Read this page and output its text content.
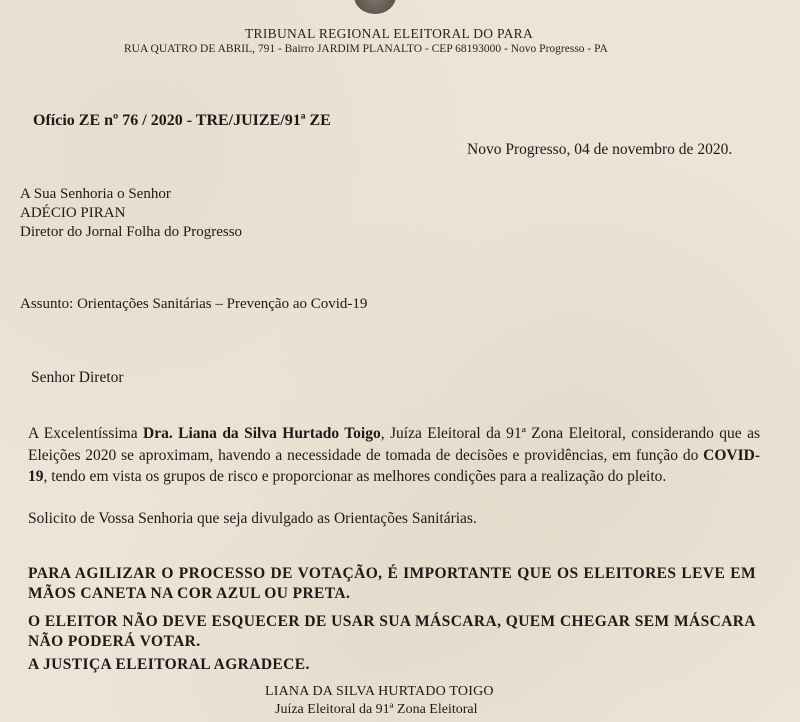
TRIBUNAL REGIONAL ELEITORAL DO PARA
RUA QUATRO DE ABRIL, 791 - Bairro JARDIM PLANALTO - CEP 68193000 - Novo Progresso - PA
Ofício ZE nº 76 / 2020 - TRE/JUIZE/91ª ZE
Novo Progresso, 04 de novembro de 2020.
A Sua Senhoria o Senhor
ADÉCIO PIRAN
Diretor do Jornal Folha do Progresso
Assunto: Orientações Sanitárias – Prevenção ao Covid-19
Senhor Diretor
A Excelentíssima Dra. Liana da Silva Hurtado Toigo, Juíza Eleitoral da 91ª Zona Eleitoral, considerando que as Eleições 2020 se aproximam, havendo a necessidade de tomada de decisões e providências, em função do COVID-19, tendo em vista os grupos de risco e proporcionar as melhores condições para a realização do pleito.
Solicito de Vossa Senhoria que seja divulgado as Orientações Sanitárias.
PARA AGILIZAR O PROCESSO DE VOTAÇÃO, É IMPORTANTE QUE OS ELEITORES LEVE EM MÃOS CANETA NA COR AZUL OU PRETA.
O ELEITOR NÃO DEVE ESQUECER DE USAR SUA MÁSCARA, QUEM CHEGAR SEM MÁSCARA NÃO PODERÁ VOTAR.
A JUSTIÇA ELEITORAL AGRADECE.
LIANA DA SILVA HURTADO TOIGO
Juíza Eleitoral da 91ª Zona Eleitoral
